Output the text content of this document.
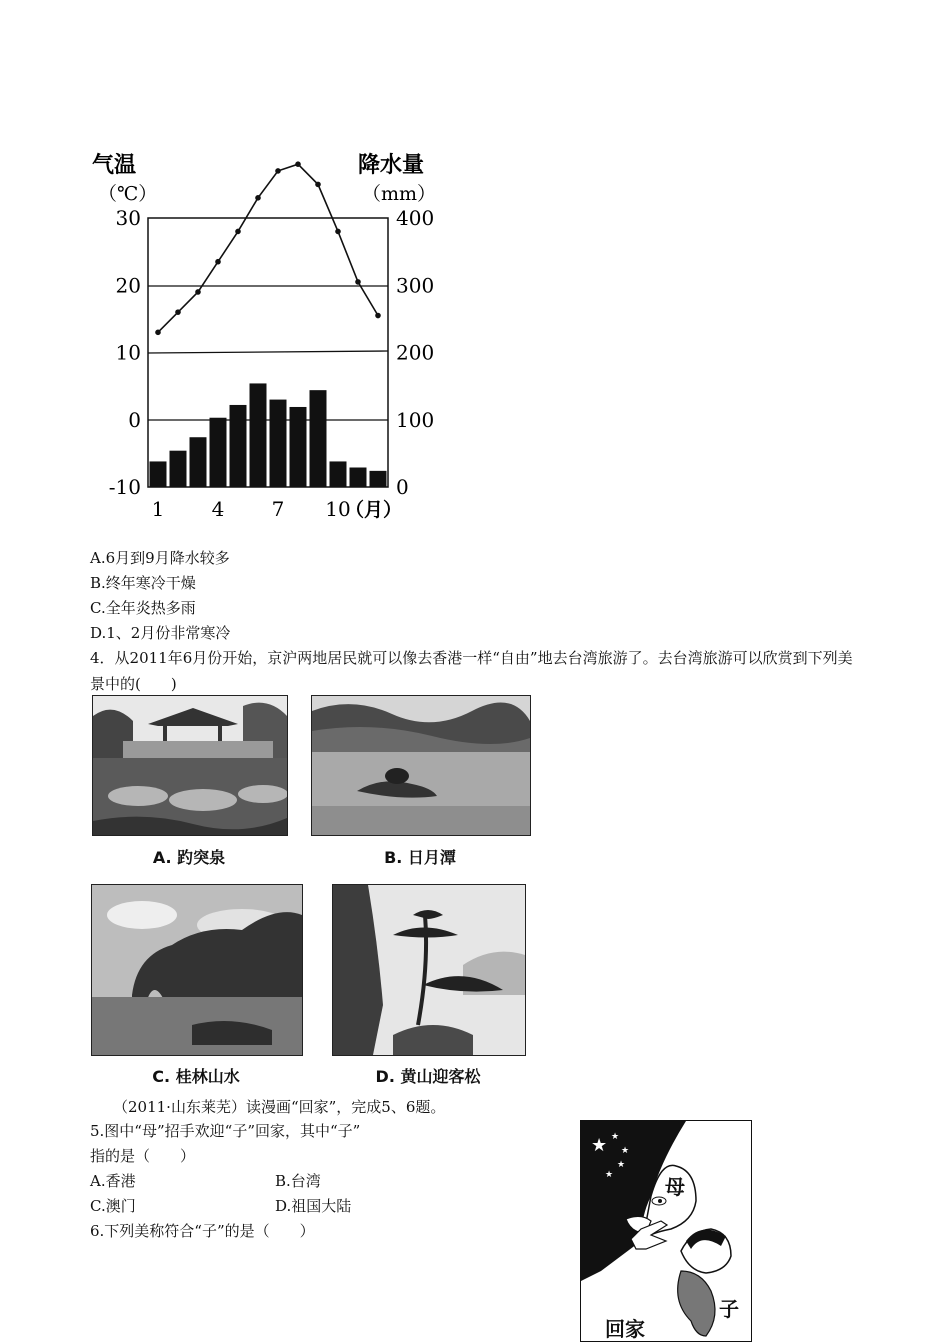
气温
（℃）
降水量
（mm）
30
20
10
0
-10
400
300
200
100
0
1 4 7 10
（月）
A.6月到9月降水较多
B.终年寒冷干燥
C.全年炎热多雨
D.1、2月份非常寒冷
4．从2011年6月份开始，京沪两地居民就可以像去香港一样“自由”地去台湾旅游了。去台湾旅游可以欣赏到下列美景中的(　　)
A. 趵突泉	B. 日月潭
C. 桂林山水	D. 黄山迎客松
（2011·山东莱芜）读漫画“回家”，完成5、6题。
5.图中“母”招手欢迎“子”回家，其中“子”
指的是（　　）
A.香港	B.台湾
C.澳门	D.祖国大陆
6.下列美称符合“子”的是（　　）
★ ★
★
★
★	母
子
回家
